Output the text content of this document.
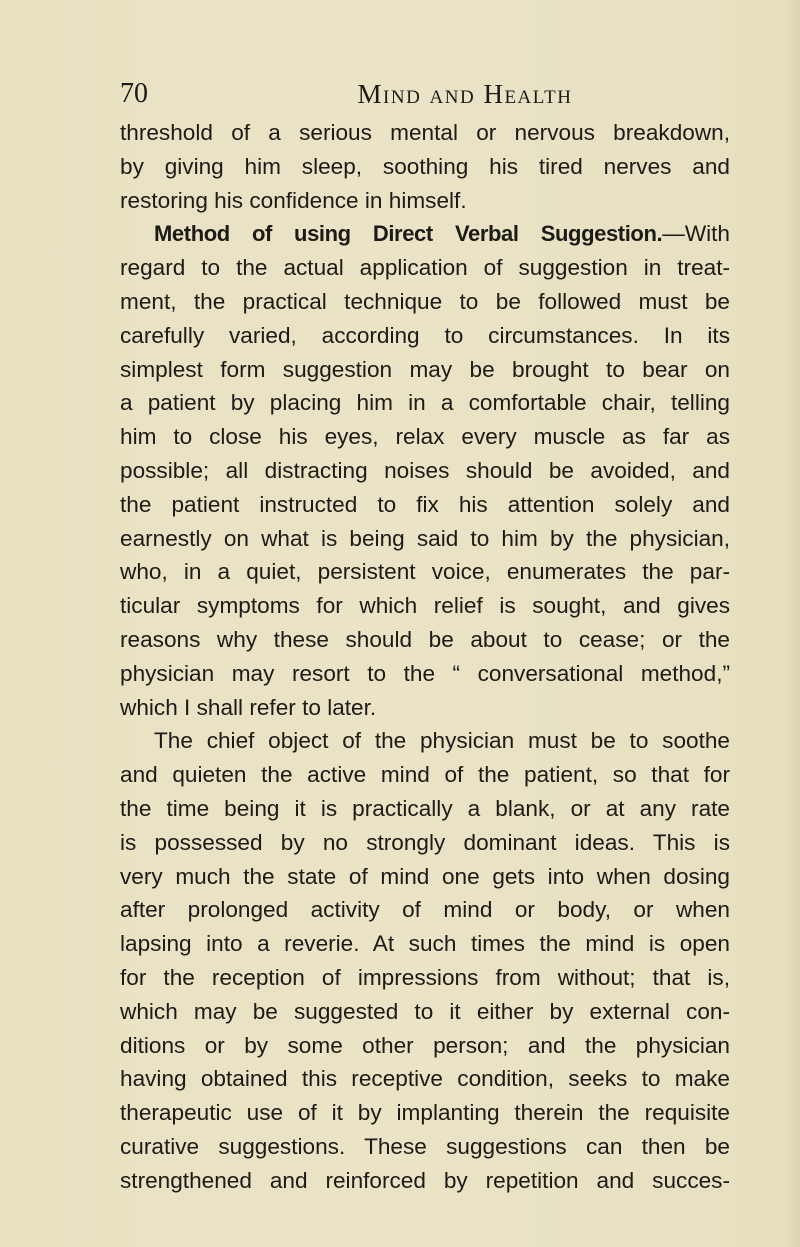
70	Mind and Health
threshold of a serious mental or nervous breakdown,
by giving him sleep, soothing his tired nerves and
restoring his confidence in himself.
Method of using Direct Verbal Suggestion.—With
regard to the actual application of suggestion in treat-
ment, the practical technique to be followed must be
carefully varied, according to circumstances. In its
simplest form suggestion may be brought to bear on
a patient by placing him in a comfortable chair, telling
him to close his eyes, relax every muscle as far as
possible; all distracting noises should be avoided, and
the patient instructed to fix his attention solely and
earnestly on what is being said to him by the physician,
who, in a quiet, persistent voice, enumerates the par-
ticular symptoms for which relief is sought, and gives
reasons why these should be about to cease; or the
physician may resort to the “ conversational method,”
which I shall refer to later.
The chief object of the physician must be to soothe
and quieten the active mind of the patient, so that for
the time being it is practically a blank, or at any rate
is possessed by no strongly dominant ideas. This is
very much the state of mind one gets into when dosing
after prolonged activity of mind or body, or when
lapsing into a reverie. At such times the mind is open
for the reception of impressions from without; that is,
which may be suggested to it either by external con-
ditions or by some other person; and the physician
having obtained this receptive condition, seeks to make
therapeutic use of it by implanting therein the requisite
curative suggestions. These suggestions can then be
strengthened and reinforced by repetition and succes-
